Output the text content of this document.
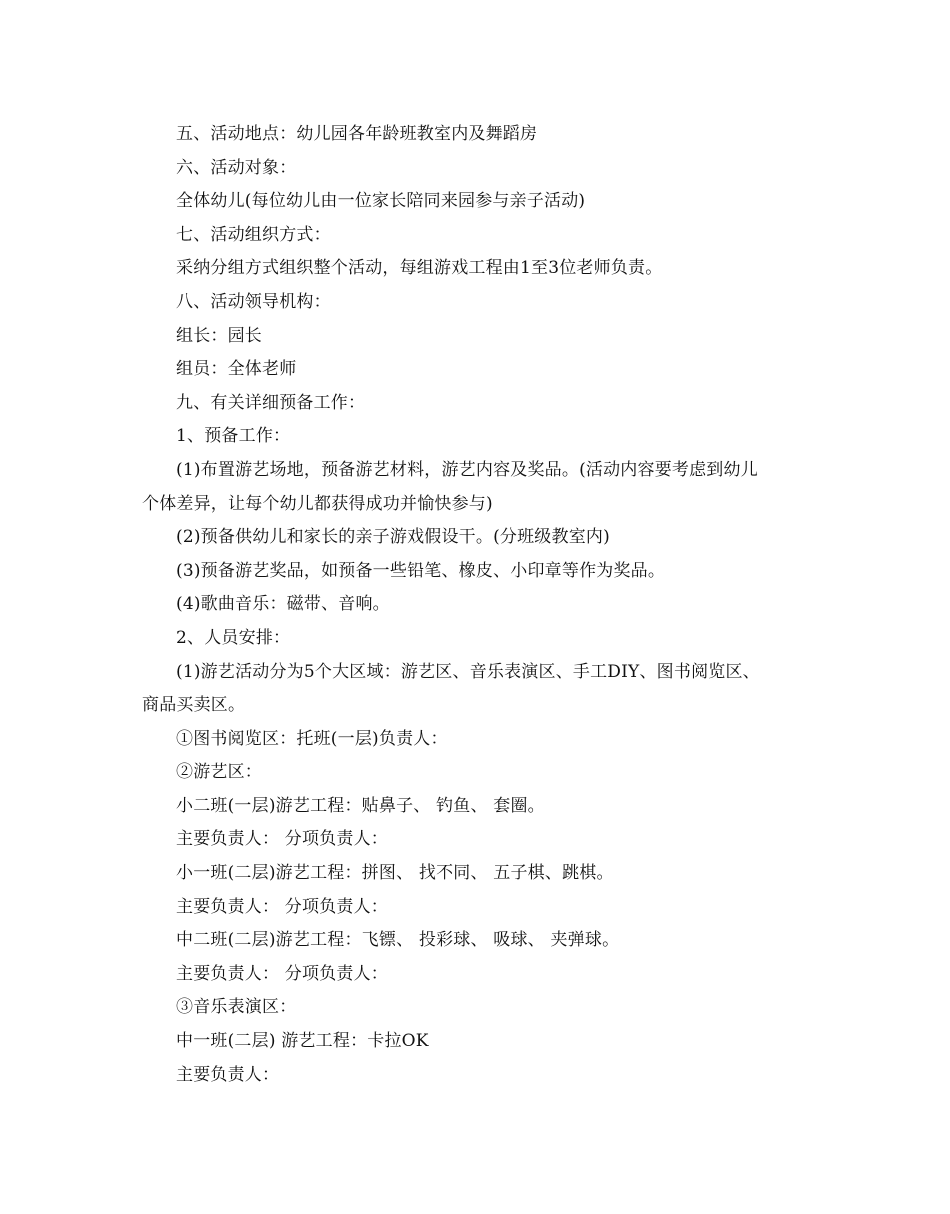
五、活动地点：幼儿园各年龄班教室内及舞蹈房
六、活动对象：
全体幼儿(每位幼儿由一位家长陪同来园参与亲子活动)
七、活动组织方式：
采纳分组方式组织整个活动，每组游戏工程由1至3位老师负责。
八、活动领导机构：
组长：园长
组员：全体老师
九、有关详细预备工作：
1、预备工作：
(1)布置游艺场地，预备游艺材料，游艺内容及奖品。(活动内容要考虑到幼儿
个体差异，让每个幼儿都获得成功并愉快参与)
(2)预备供幼儿和家长的亲子游戏假设干。(分班级教室内)
(3)预备游艺奖品，如预备一些铅笔、橡皮、小印章等作为奖品。
(4)歌曲音乐：磁带、音响。
2、人员安排：
(1)游艺活动分为5个大区域：游艺区、音乐表演区、手工DIY、图书阅览区、
商品买卖区。
①图书阅览区：托班(一层)负责人：
②游艺区：
小二班(一层)游艺工程：贴鼻子、 钓鱼、 套圈。
主要负责人： 分项负责人：
小一班(二层)游艺工程：拼图、 找不同、 五子棋、跳棋。
主要负责人： 分项负责人：
中二班(二层)游艺工程：飞镖、 投彩球、 吸球、 夹弹球。
主要负责人： 分项负责人：
③音乐表演区：
中一班(二层) 游艺工程：卡拉OK
主要负责人：
